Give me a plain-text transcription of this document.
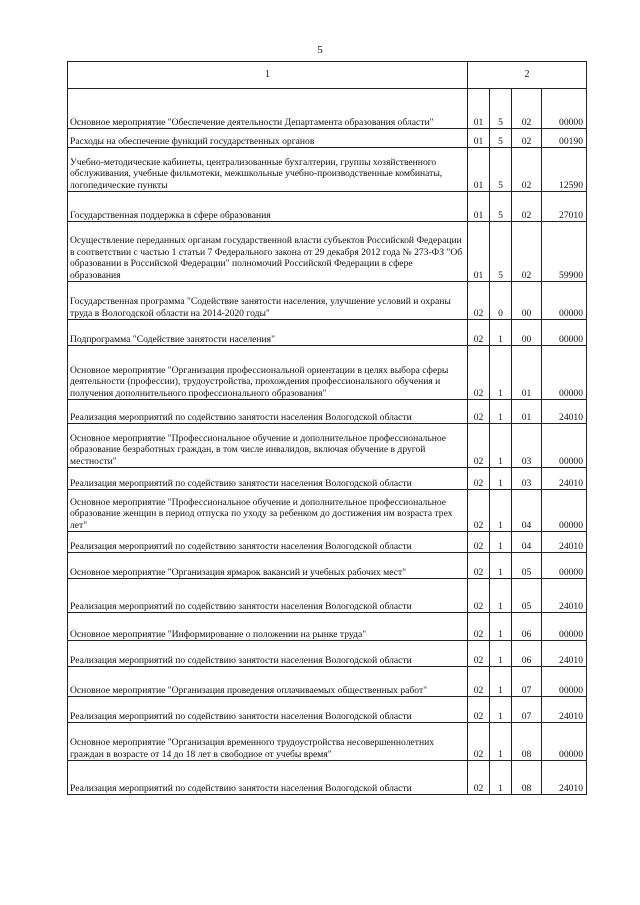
5
1	2			
Основное мероприятие "Обеспечение деятельности Департамента образования области"	01	5	02	00000
Расходы на обеспечение функций государственных органов	01	5	02	00190
Учебно-методические кабинеты, централизованные бухгалтерии, группы хозяйственного обслуживания, учебные фильмотеки, межшкольные учебно-производственные комбинаты, логопедические пункты	01	5	02	12590
Государственная поддержка в сфере образования	01	5	02	27010
Осуществление переданных органам государственной власти субъектов Российской Федерации в соответствии с частью 1 статьи 7 Федерального закона от 29 декабря 2012 года № 273-ФЗ "Об образовании в Российской Федерации" полномочий Российской Федерации в сфере образования	01	5	02	59900
Государственная программа "Содействие занятости населения, улучшение условий и охраны труда в Вологодской области на 2014-2020 годы"	02	0	00	00000
Подпрограмма "Содействие занятости населения"	02	1	00	00000
Основное мероприятие "Организация профессиональной ориентации в целях выбора сферы деятельности (профессии), трудоустройства, прохождения профессионального обучения и получения дополнительного профессионального образования"	02	1	01	00000
Реализация мероприятий по содействию занятости населения Вологодской области	02	1	01	24010
Основное мероприятие "Профессиональное обучение и дополнительное профессиональное образование безработных граждан, в том числе инвалидов, включая обучение в другой местности"	02	1	03	00000
Реализация мероприятий по содействию занятости населения Вологодской области	02	1	03	24010
Основное мероприятие "Профессиональное обучение и дополнительное профессиональное образование женщин в период отпуска по уходу за ребенком до достижения им возраста трех лет"	02	1	04	00000
Реализация мероприятий по содействию занятости населения Вологодской области	02	1	04	24010
Основное мероприятие "Организация ярмарок вакансий и учебных рабочих мест"	02	1	05	00000
Реализация мероприятий по содействию занятости населения Вологодской области	02	1	05	24010
Основное мероприятие "Информирование о положении на рынке труда"	02	1	06	00000
Реализация мероприятий по содействию занятости населения Вологодской области	02	1	06	24010
Основное мероприятие "Организация проведения оплачиваемых общественных работ"	02	1	07	00000
Реализация мероприятий по содействию занятости населения Вологодской области	02	1	07	24010
Основное мероприятие "Организация временного трудоустройства несовершеннолетних граждан в возрасте от 14 до 18 лет в свободное от учебы время"	02	1	08	00000
Реализация мероприятий по содействию занятости населения Вологодской области	02	1	08	24010
